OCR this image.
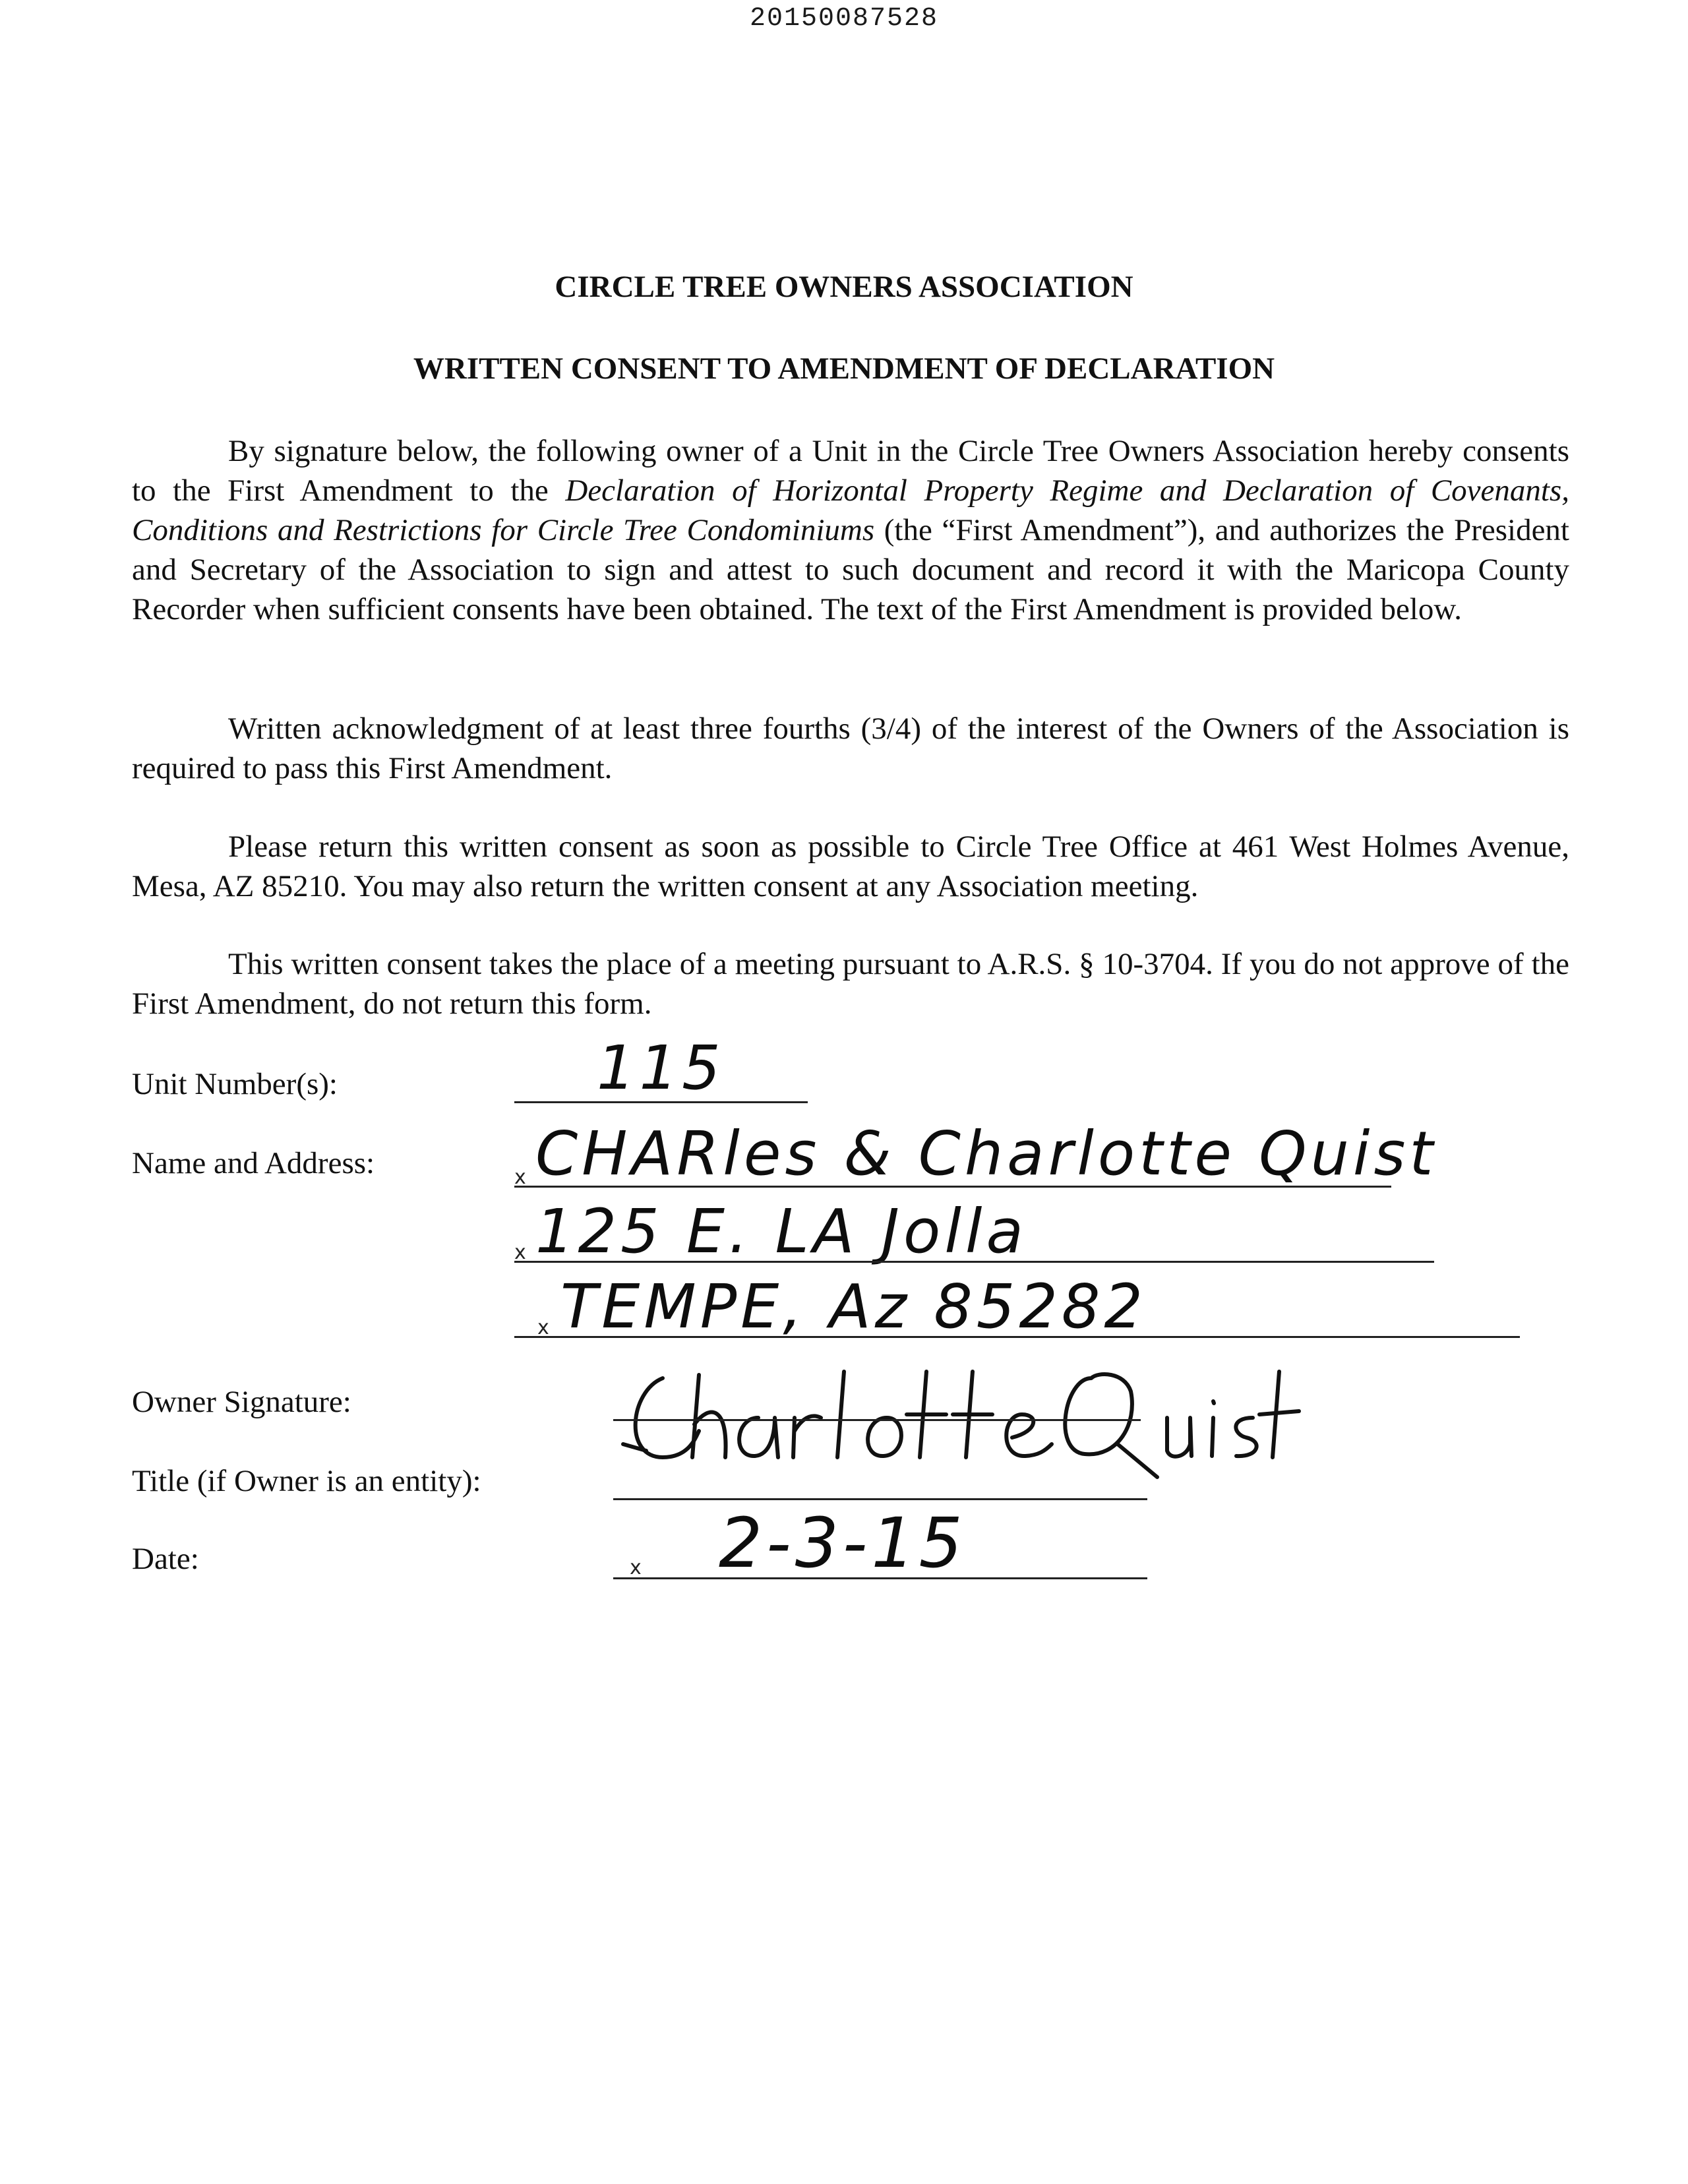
20150087528
CIRCLE TREE OWNERS ASSOCIATION
WRITTEN CONSENT TO AMENDMENT OF DECLARATION

By signature below, the following owner of a Unit in the Circle Tree Owners Association hereby consents to the First Amendment to the Declaration of Horizontal Property Regime and Declaration of Covenants, Conditions and Restrictions for Circle Tree Condominiums (the “First Amendment”), and authorizes the President and Secretary of the Association to sign and attest to such document and record it with the Maricopa County Recorder when sufficient consents have been obtained. The text of the First Amendment is provided below.

Written acknowledgment of at least three fourths (3/4) of the interest of the Owners of the Association is required to pass this First Amendment.

Please return this written consent as soon as possible to Circle Tree Office at 461 West Holmes Avenue, Mesa, AZ 85210. You may also return the written consent at any Association meeting.

This written consent takes the place of a meeting pursuant to A.R.S. § 10-3704. If you do not approve of the First Amendment, do not return this form.

Unit Number(s):	115
Name and Address:	x CHARles & Charlotte Quist
x 125 E. LA Jolla
x TEMPE, Az 85282
Owner Signature:
Charlotte Quist
Title (if Owner is an entity):
Date:	x 2-3-15
